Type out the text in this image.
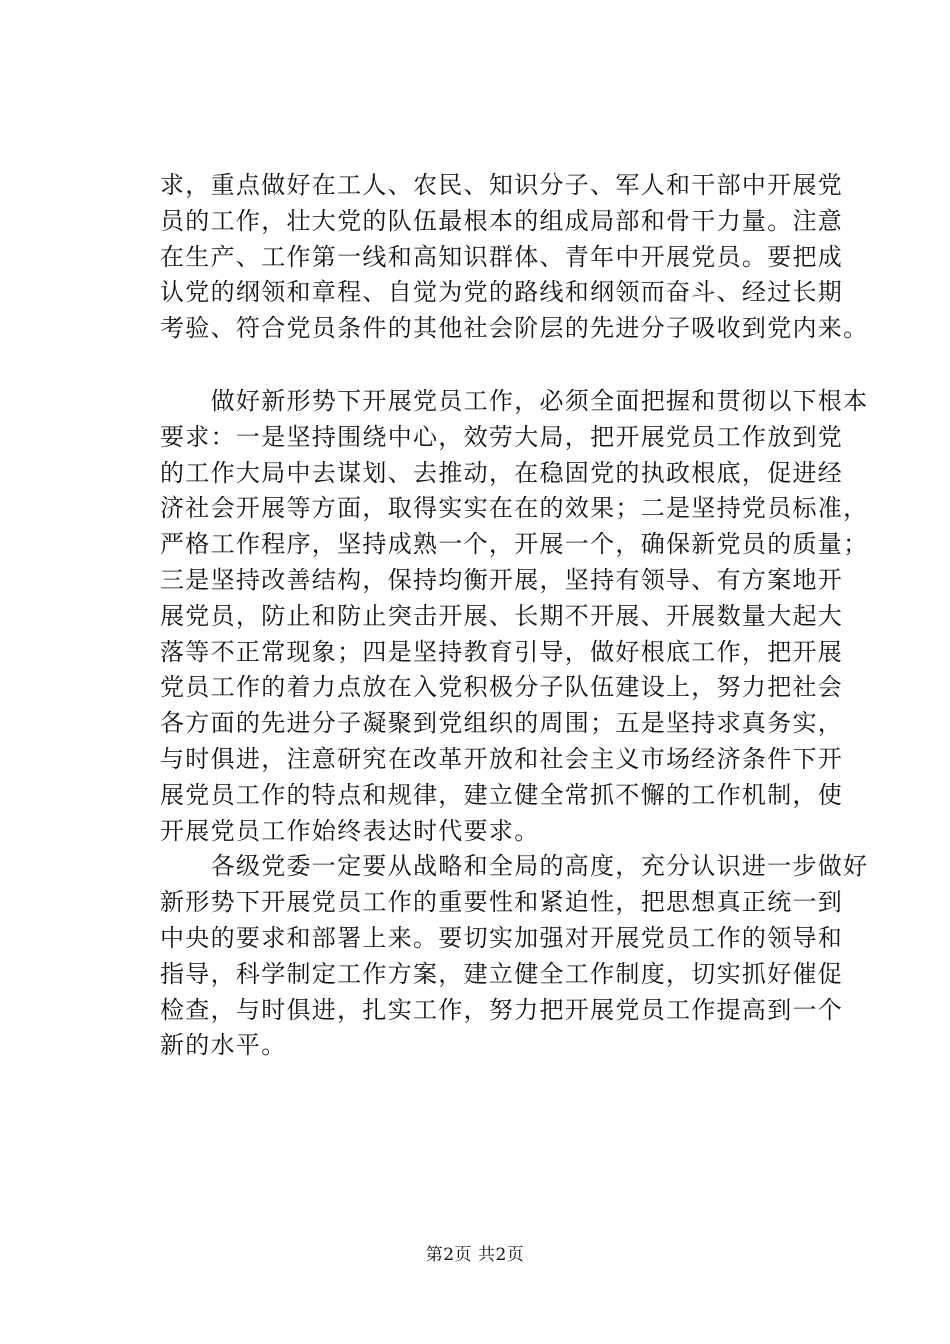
求，重点做好在工人、农民、知识分子、军人和干部中开展党
员的工作，壮大党的队伍最根本的组成局部和骨干力量。注意
在生产、工作第一线和高知识群体、青年中开展党员。要把成
认党的纲领和章程、自觉为党的路线和纲领而奋斗、经过长期
考验、符合党员条件的其他社会阶层的先进分子吸收到党内来。
　　做好新形势下开展党员工作，必须全面把握和贯彻以下根本
要求：一是坚持围绕中心，效劳大局，把开展党员工作放到党
的工作大局中去谋划、去推动，在稳固党的执政根底，促进经
济社会开展等方面，取得实实在在的效果；二是坚持党员标准，
严格工作程序，坚持成熟一个，开展一个，确保新党员的质量；
三是坚持改善结构，保持均衡开展，坚持有领导、有方案地开
展党员，防止和防止突击开展、长期不开展、开展数量大起大
落等不正常现象；四是坚持教育引导，做好根底工作，把开展
党员工作的着力点放在入党积极分子队伍建设上，努力把社会
各方面的先进分子凝聚到党组织的周围；五是坚持求真务实，
与时俱进，注意研究在改革开放和社会主义市场经济条件下开
展党员工作的特点和规律，建立健全常抓不懈的工作机制，使
开展党员工作始终表达时代要求。
　　各级党委一定要从战略和全局的高度，充分认识进一步做好
新形势下开展党员工作的重要性和紧迫性，把思想真正统一到
中央的要求和部署上来。要切实加强对开展党员工作的领导和
指导，科学制定工作方案，建立健全工作制度，切实抓好催促
检查，与时俱进，扎实工作，努力把开展党员工作提高到一个
新的水平。
第2页 共2页
